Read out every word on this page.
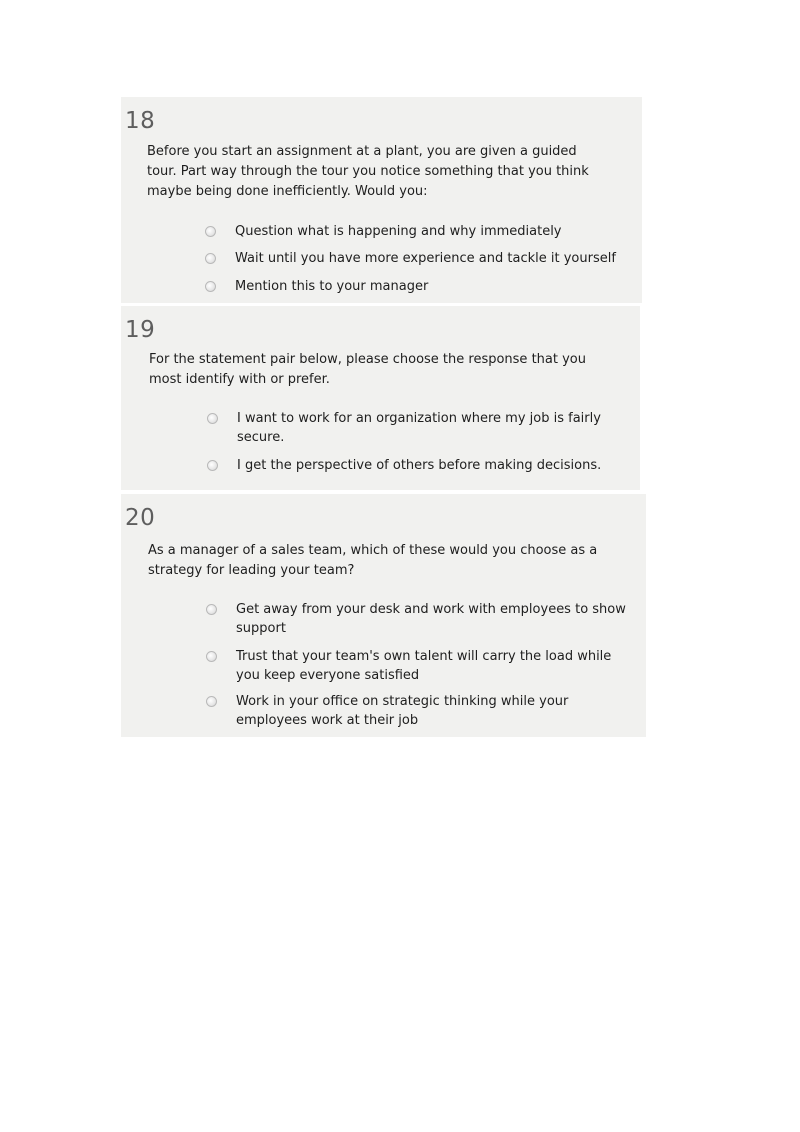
18
Before you start an assignment at a plant, you are given a guided
tour. Part way through the tour you notice something that you think
maybe being done inefficiently. Would you:
Question what is happening and why immediately
Wait until you have more experience and tackle it yourself
Mention this to your manager
19
For the statement pair below, please choose the response that you
most identify with or prefer.
I want to work for an organization where my job is fairly
secure.
I get the perspective of others before making decisions.
20
As a manager of a sales team, which of these would you choose as a
strategy for leading your team?
Get away from your desk and work with employees to show
support
Trust that your team's own talent will carry the load while
you keep everyone satisfied
Work in your office on strategic thinking while your
employees work at their job
